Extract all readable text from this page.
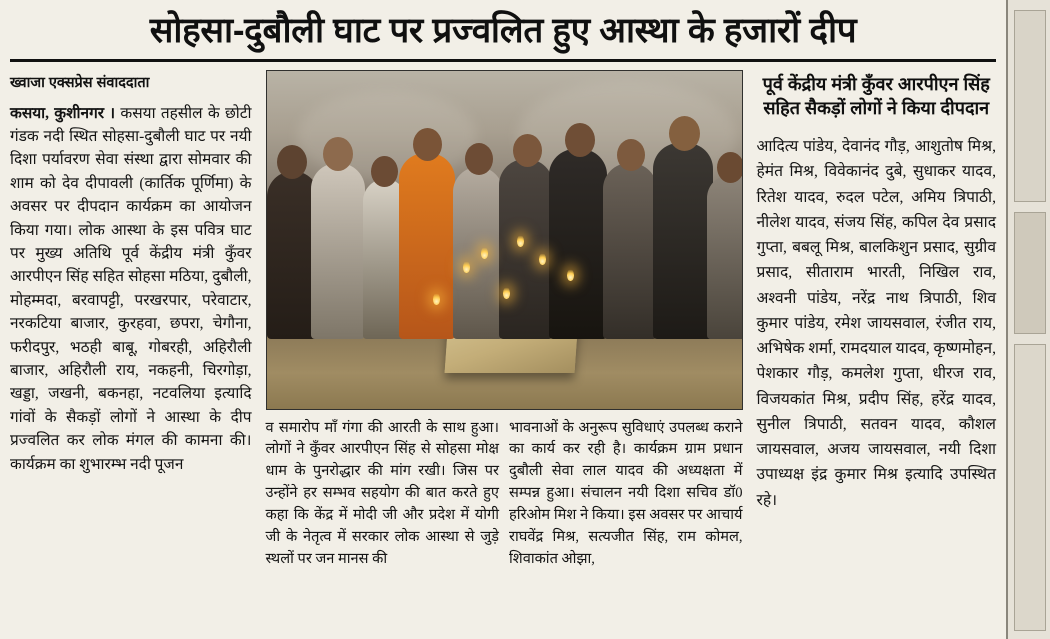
सोहसा-दुबौली घाट पर प्रज्वलित हुए आस्था के हजारों दीप
ख्वाजा एक्सप्रेस संवाददाता
कसया, कुशीनगर । कसया तहसील के छोटी गंडक नदी स्थित सोहसा-दुबौली घाट पर नयी दिशा पर्यावरण सेवा संस्था द्वारा सोमवार की शाम को देव दीपावली (कार्तिक पूर्णिमा) के अवसर पर दीपदान कार्यक्रम का आयोजन किया गया। लोक आस्था के इस पवित्र घाट पर मुख्य अतिथि पूर्व केंद्रीय मंत्री कुँवर आरपीएन सिंह सहित सोहसा मठिया, दुबौली, मोहम्मदा, बरवापट्टी, परखरपार, परेवाटार, नरकटिया बाजार, कुरहवा, छपरा, चेगौना, फरीदपुर, भठही बाबू, गोबरही, अहिरौली बाजार, अहिरौली राय, नकहनी, चिरगोड़ा, खड्डा, जखनी, बकनहा, नटवलिया इत्यादि गांवों के सैकड़ों लोगों ने आस्था के दीप प्रज्वलित कर लोक मंगल की कामना की। कार्यक्रम का शुभारम्भ नदी पूजन
व समारोप माँ गंगा की आरती के साथ हुआ। लोगों ने कुँवर आरपीएन सिंह से सोहसा मोक्ष धाम के पुनरोद्धार की मांग रखी। जिस पर उन्होंने हर सम्भव सहयोग की बात करते हुए कहा कि केंद्र में मोदी जी और प्रदेश में योगी जी के नेतृत्व में सरकार लोक आस्था से जुड़े स्थलों पर जन मानस की
भावनाओं के अनुरूप सुविधाएं उपलब्ध कराने का कार्य कर रही है। कार्यक्रम ग्राम प्रधान दुबौली सेवा लाल यादव की अध्यक्षता में सम्पन्न हुआ। संचालन नयी दिशा सचिव डॉ0 हरिओम मिश ने किया। इस अवसर पर आचार्य राघवेंद्र मिश्र, सत्यजीत सिंह, राम कोमल, शिवाकांत ओझा,
पूर्व केंद्रीय मंत्री कुँवर आरपीएन सिंह सहित सैकड़ों लोगों ने किया दीपदान
आदित्य पांडेय, देवानंद गौड़, आशुतोष मिश्र, हेमंत मिश्र, विवेकानंद दुबे, सुधाकर यादव, रितेश यादव, रुदल पटेल, अमिय त्रिपाठी, नीलेश यादव, संजय सिंह, कपिल देव प्रसाद गुप्ता, बबलू मिश्र, बालकिशुन प्रसाद, सुग्रीव प्रसाद, सीताराम भारती, निखिल राव, अश्वनी पांडेय, नरेंद्र नाथ त्रिपाठी, शिव कुमार पांडेय, रमेश जायसवाल, रंजीत राय, अभिषेक शर्मा, रामदयाल यादव, कृष्णमोहन, पेशकार गौड़, कमलेश गुप्ता, धीरज राव, विजयकांत मिश्र, प्रदीप सिंह, हरेंद्र यादव, सुनील त्रिपाठी, सतवन यादव, कौशल जायसवाल, अजय जायसवाल, नयी दिशा उपाध्यक्ष इंद्र कुमार मिश्र इत्यादि उपस्थित रहे।
